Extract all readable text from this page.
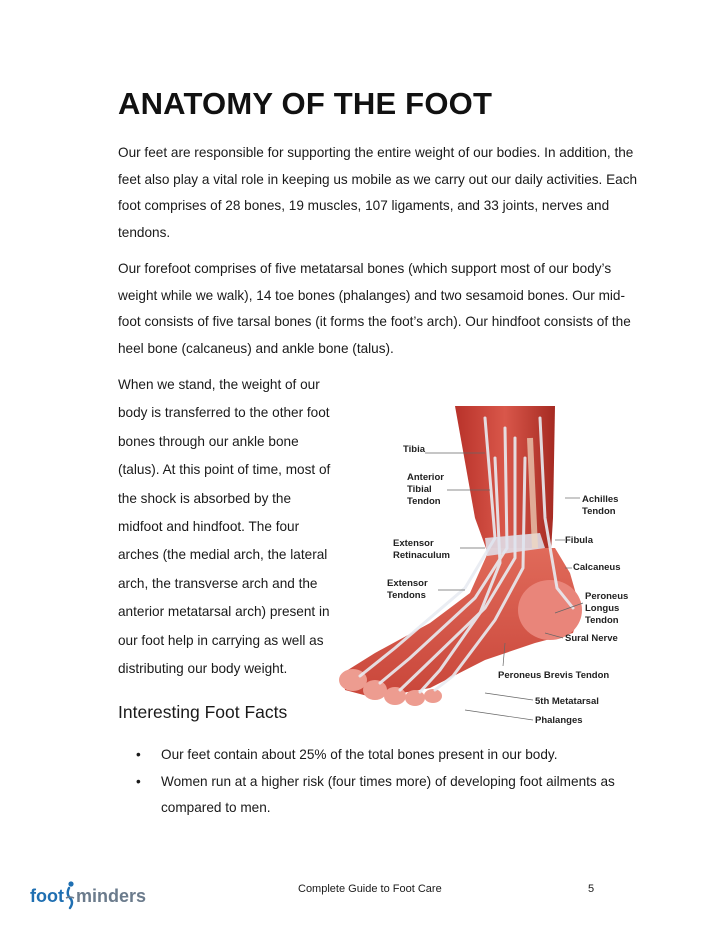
ANATOMY OF THE FOOT

Our feet are responsible for supporting the entire weight of our bodies. In addition, the feet also play a vital role in keeping us mobile as we carry out our daily activities. Each foot comprises of 28 bones, 19 muscles, 107 ligaments, and 33 joints, nerves and tendons.

Our forefoot comprises of five metatarsal bones (which support most of our body’s weight while we walk), 14 toe bones (phalanges) and two sesamoid bones. Our mid-foot consists of five tarsal bones (it forms the foot’s arch). Our hindfoot consists of the heel bone (calcaneus) and ankle bone (talus).

When we stand, the weight of our body is transferred to the other foot bones through our ankle bone (talus). At this point of time, most of the shock is absorbed by the midfoot and hindfoot. The four arches (the medial arch, the lateral arch, the transverse arch and the anterior metatarsal arch) present in our foot help in carrying as well as distributing our body weight.

Tibia
Anterior
Tibial
Tendon	Achilles
Tendon
Extensor
Retinaculum
Fibula
Extensor
Tendons
Calcaneus
Peroneus
Longus
Tendon
Sural Nerve
Peroneus Brevis Tendon
5th Metatarsal
Phalanges
Interesting Foot Facts
• Our feet contain about 25% of the total bones present in our body.
• Women run at a higher risk (four times more) of developing foot ailments as compared to men.
foot minders	Complete Guide to Foot Care	5
